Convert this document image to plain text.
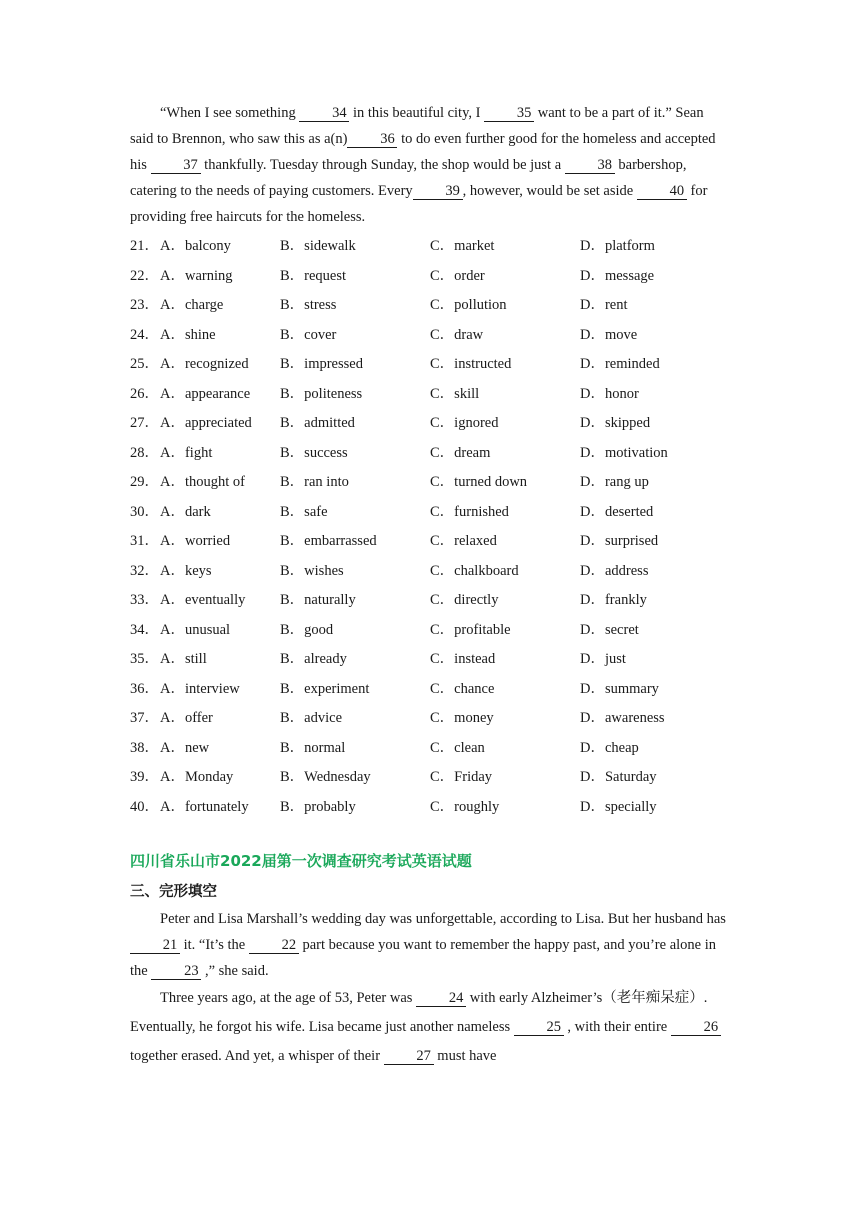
“When I see something 34 in this beautiful city, I 35 want to be a part of it.” Sean said to Brennon, who saw this as a(n) 36 to do even further good for the homeless and accepted his 37 thankfully. Tuesday through Sunday, the shop would be just a 38 barbershop, catering to the needs of paying customers. Every 39 , however, would be set aside 40 for providing free haircuts for the homeless.

21． A．balcony	B．sidewalk	C．market	D．platform
22． A．warning	B．request	C．order	D．message
23． A．charge	B．stress	C．pollution	D．rent
24． A．shine	B．cover	C．draw	D．move
25． A．recognized B．impressed	C．instructed	D．reminded
26． A．appearance B．politeness	C．skill	D．honor
27． A．appreciated B．admitted	C．ignored	D．skipped
28． A．fight	B．success	C．dream	D．motivation
29． A．thought of B．ran into	C．turned down	D．rang up
30． A．dark	B．safe	C．furnished	D．deserted
31． A．worried	B．embarrassed	C．relaxed	D．surprised
32． A．keys	B．wishes	C．chalkboard	D．address
33． A．eventually B．naturally	C．directly	D．frankly
34． A．unusual	B．good	C．profitable	D．secret
35． A．still	B．already	C．instead	D．just
36． A．interview	B．experiment	C．chance	D．summary
37． A．offer	B．advice	C．money	D．awareness
38． A．new	B．normal	C．clean	D．cheap
39． A．Monday	B．Wednesday	C．Friday	D．Saturday
40． A．fortunately B．probably	C．roughly	D．specially
四川省乐山市2022届第一次调查研究考试英语试题
三、完形填空

Peter and Lisa Marshall’s wedding day was unforgettable, according to Lisa. But her husband has 21 it. “It’s the 22 part because you want to remember the happy past, and you’re alone in the 23 ,” she said.

Three years ago, at the age of 53, Peter was 24 with early Alzheimer’s（老年痴呆症）. Eventually, he forgot his wife. Lisa became just another nameless 25 , with their entire 26 together erased. And yet, a whisper of their 27 must have
